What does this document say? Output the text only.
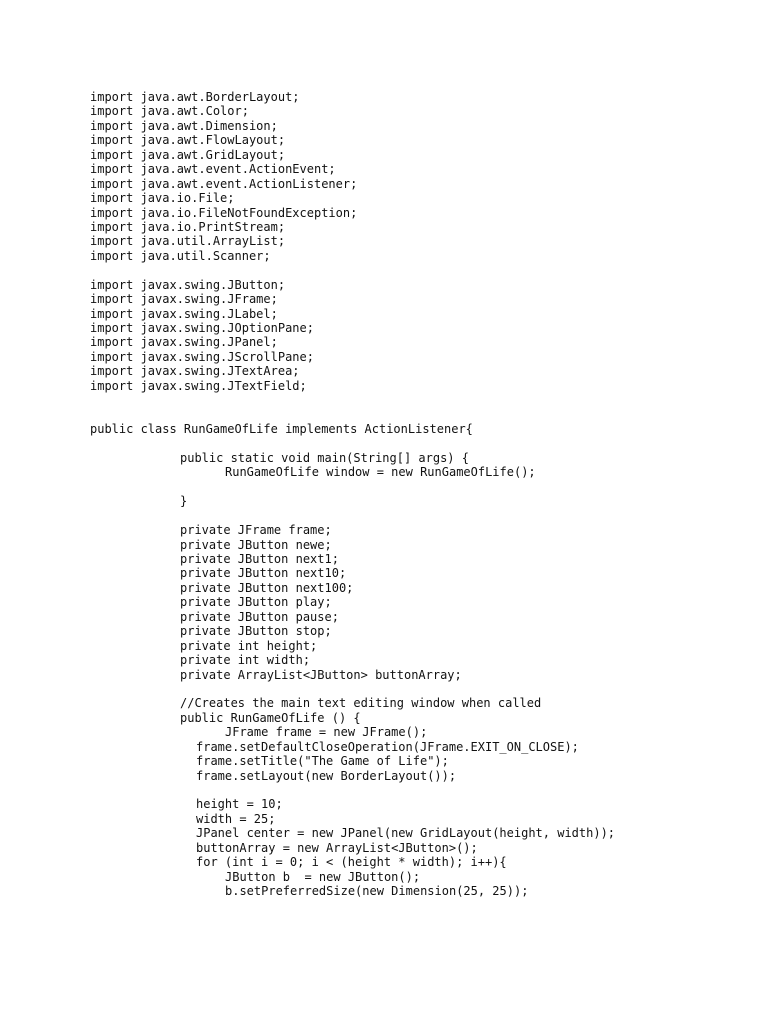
import java.awt.BorderLayout;
import java.awt.Color;
import java.awt.Dimension;
import java.awt.FlowLayout;
import java.awt.GridLayout;
import java.awt.event.ActionEvent;
import java.awt.event.ActionListener;
import java.io.File;
import java.io.FileNotFoundException;
import java.io.PrintStream;
import java.util.ArrayList;
import java.util.Scanner;
import javax.swing.JButton;
import javax.swing.JFrame;
import javax.swing.JLabel;
import javax.swing.JOptionPane;
import javax.swing.JPanel;
import javax.swing.JScrollPane;
import javax.swing.JTextArea;
import javax.swing.JTextField;
public class RunGameOfLife implements ActionListener{
public static void main(String[] args) {
RunGameOfLife window = new RunGameOfLife();
}
private JFrame frame;
private JButton newe;
private JButton next1;
private JButton next10;
private JButton next100;
private JButton play;
private JButton pause;
private JButton stop;
private int height;
private int width;
private ArrayList<JButton> buttonArray;
//Creates the main text editing window when called
public RunGameOfLife () {
JFrame frame = new JFrame();
frame.setDefaultCloseOperation(JFrame.EXIT_ON_CLOSE);
frame.setTitle("The Game of Life");
frame.setLayout(new BorderLayout());
height = 10;
width = 25;
JPanel center = new JPanel(new GridLayout(height, width));
buttonArray = new ArrayList<JButton>();
for (int i = 0; i < (height * width); i++){
JButton b  = new JButton();
b.setPreferredSize(new Dimension(25, 25));
